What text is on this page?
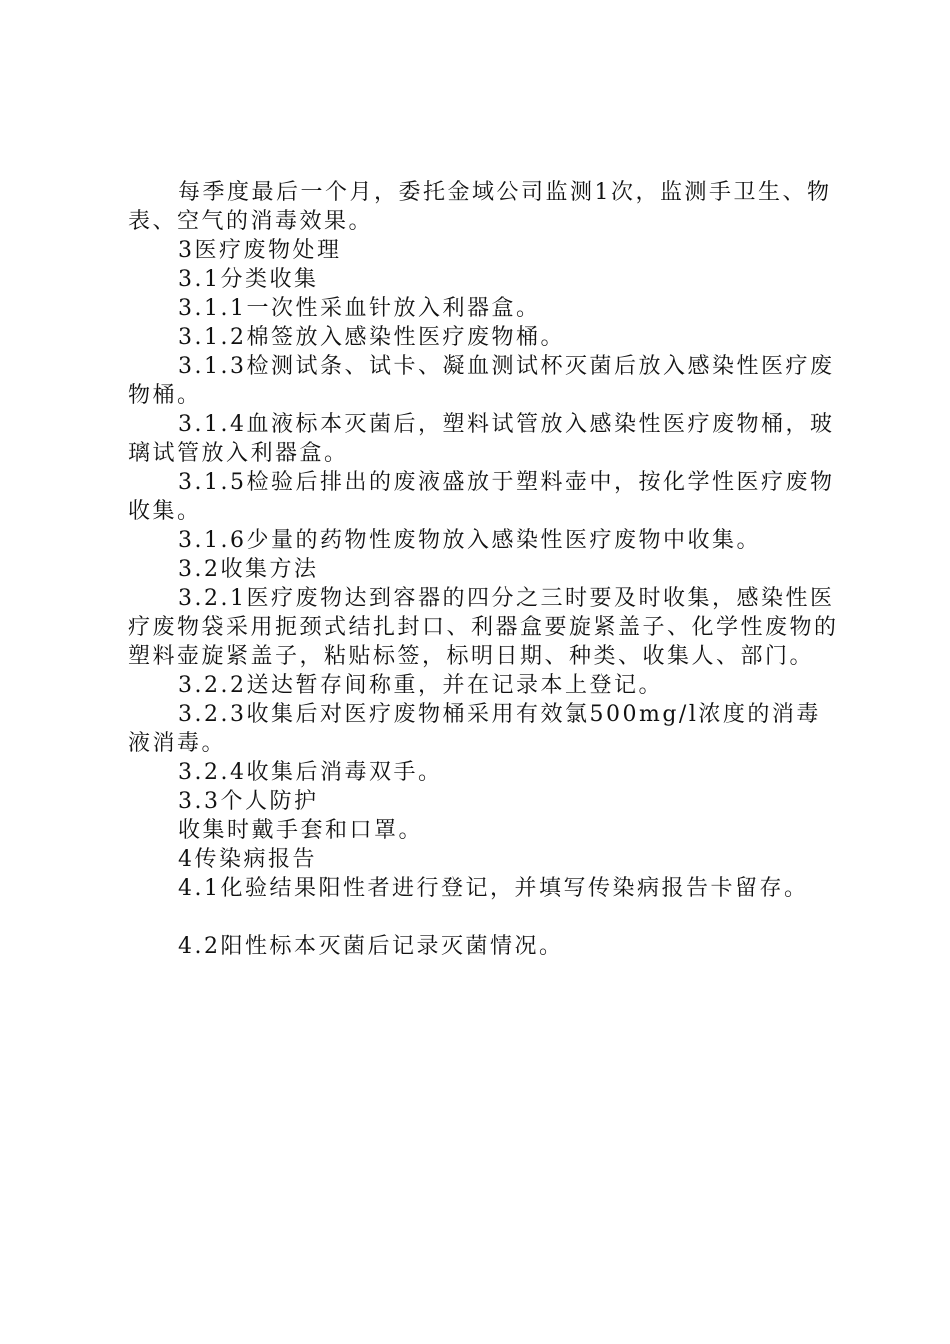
每季度最后一个月，委托金域公司监测1次，监测手卫生、物表、空气的消毒效果。

3医疗废物处理

3.1分类收集

3.1.1一次性采血针放入利器盒。

3.1.2棉签放入感染性医疗废物桶。

3.1.3检测试条、试卡、凝血测试杯灭菌后放入感染性医疗废物桶。

3.1.4血液标本灭菌后，塑料试管放入感染性医疗废物桶，玻璃试管放入利器盒。

3.1.5检验后排出的废液盛放于塑料壶中，按化学性医疗废物收集。

3.1.6少量的药物性废物放入感染性医疗废物中收集。

3.2收集方法

3.2.1医疗废物达到容器的四分之三时要及时收集，感染性医疗废物袋采用扼颈式结扎封口、利器盒要旋紧盖子、化学性废物的塑料壶旋紧盖子，粘贴标签，标明日期、种类、收集人、部门。

3.2.2送达暂存间称重，并在记录本上登记。

3.2.3收集后对医疗废物桶采用有效氯500mg/l浓度的消毒液消毒。

3.2.4收集后消毒双手。

3.3个人防护

收集时戴手套和口罩。

4传染病报告

4.1化验结果阳性者进行登记，并填写传染病报告卡留存。

4.2阳性标本灭菌后记录灭菌情况。
